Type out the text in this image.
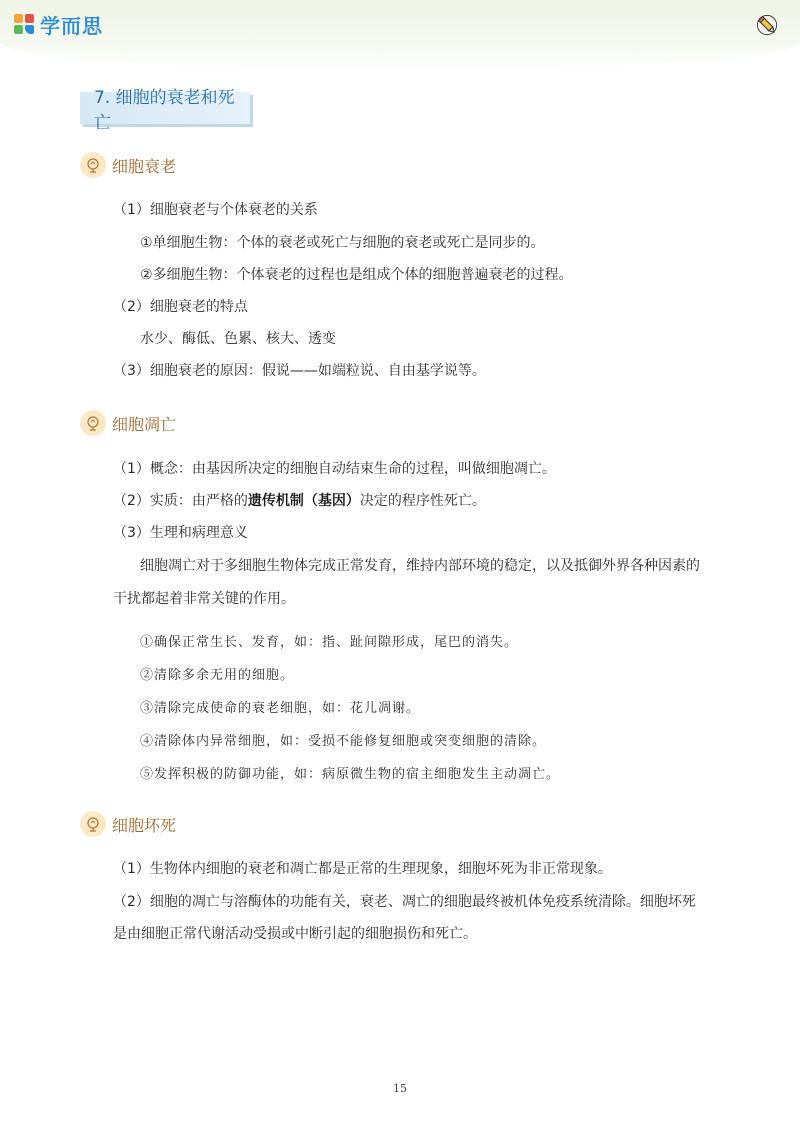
学而思
7. 细胞的衰老和死亡
细胞衰老
（1）细胞衰老与个体衰老的关系
①单细胞生物：个体的衰老或死亡与细胞的衰老或死亡是同步的。
②多细胞生物：个体衰老的过程也是组成个体的细胞普遍衰老的过程。
（2）细胞衰老的特点
水少、酶低、色累、核大、透变
（3）细胞衰老的原因：假说——如端粒说、自由基学说等。
细胞凋亡
（1）概念：由基因所决定的细胞自动结束生命的过程，叫做细胞凋亡。
（2）实质：由严格的遗传机制（基因）决定的程序性死亡。
（3）生理和病理意义
细胞凋亡对于多细胞生物体完成正常发育，维持内部环境的稳定，以及抵御外界各种因素的
干扰都起着非常关键的作用。
①确保正常生长、发育，如：指、趾间隙形成，尾巴的消失。
②清除多余无用的细胞。
③清除完成使命的衰老细胞，如：花儿凋谢。
④清除体内异常细胞，如：受损不能修复细胞或突变细胞的清除。
⑤发挥积极的防御功能，如：病原微生物的宿主细胞发生主动凋亡。
细胞坏死
（1）生物体内细胞的衰老和凋亡都是正常的生理现象，细胞坏死为非正常现象。
（2）细胞的凋亡与溶酶体的功能有关，衰老、凋亡的细胞最终被机体免疫系统清除。细胞坏死
是由细胞正常代谢活动受损或中断引起的细胞损伤和死亡。
15
